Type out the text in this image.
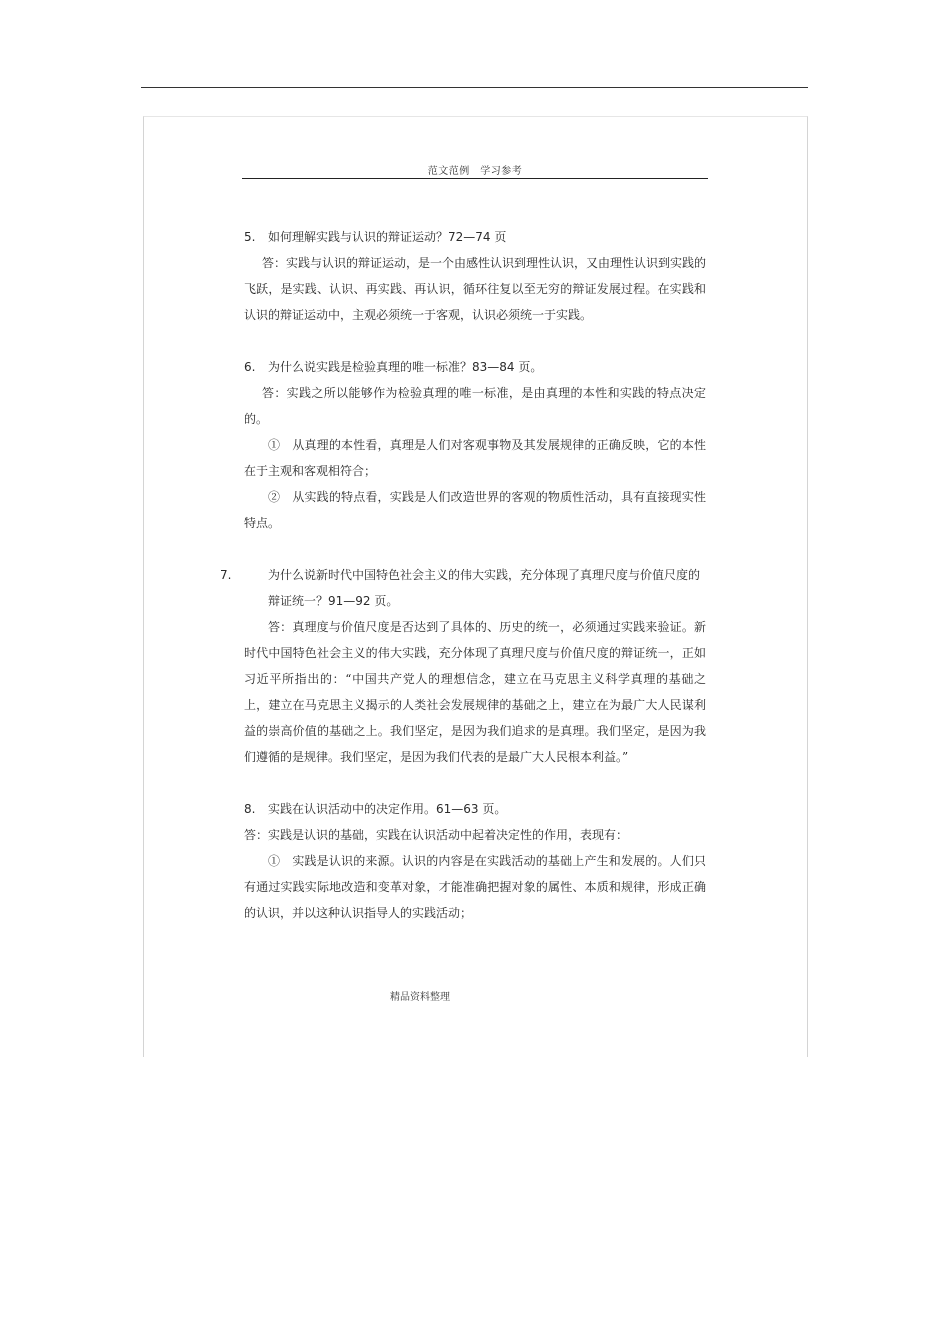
范文范例　学习参考

5. 如何理解实践与认识的辩证运动？72—74 页

答：实践与认识的辩证运动，是一个由感性认识到理性认识，又由理性认识到实践的飞跃，是实践、认识、再实践、再认识，循环往复以至无穷的辩证发展过程。在实践和认识的辩证运动中，主观必须统一于客观，认识必须统一于实践。

6. 为什么说实践是检验真理的唯一标准？83—84 页。

答：实践之所以能够作为检验真理的唯一标准，是由真理的本性和实践的特点决定的。

①　从真理的本性看，真理是人们对客观事物及其发展规律的正确反映，它的本性在于主观和客观相符合；

②　从实践的特点看，实践是人们改造世界的客观的物质性活动，具有直接现实性特点。

7.	为什么说新时代中国特色社会主义的伟大实践，充分体现了真理尺度与价值尺度的辩证统一？91—92 页。

答：真理度与价值尺度是否达到了具体的、历史的统一，必须通过实践来验证。新时代中国特色社会主义的伟大实践，充分体现了真理尺度与价值尺度的辩证统一，正如习近平所指出的：“中国共产党人的理想信念，建立在马克思主义科学真理的基础之上，建立在马克思主义揭示的人类社会发展规律的基础之上，建立在为最广大人民谋利益的崇高价值的基础之上。我们坚定，是因为我们追求的是真理。我们坚定，是因为我们遵循的是规律。我们坚定，是因为我们代表的是最广大人民根本利益。”

8. 实践在认识活动中的决定作用。61—63 页。

答：实践是认识的基础，实践在认识活动中起着决定性的作用，表现有：

①　实践是认识的来源。认识的内容是在实践活动的基础上产生和发展的。人们只有通过实践实际地改造和变革对象，才能准确把握对象的属性、本质和规律，形成正确的认识，并以这种认识指导人的实践活动；

精品资料整理
